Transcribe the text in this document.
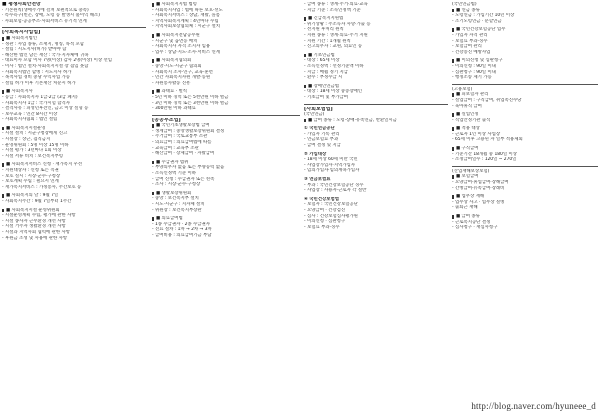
■ 평생사회안전망
· 기본원칙(생애주기에 걸쳐 보편적으로 충족)
· 특수욕구(빈곤, 장애, 노령 등 발생시 불이익 해소)
· 사회보험·공공부조·사회서비스 유기적 연계
[사회복지사업법]
■ 사회복지법인
- 정관 : 사업 종류, 소재지, 명칭, 목적 포함
- 설립 : 시도지사(허가) 받아야 함
- 해산한 법인 남은 재산 : 국가·지자체에 귀속
- 대표이사 포함 이사 7명(이상) 감사 2명(이상) 이상 선임
- 이사 : 법인 설치·사회복지시설 장 겸임 못함
- 사회복지법인 합병 : 시도지사 허가
- 목적사업 경비 충당 수익사업 가능
- 설립 허가 이후 기본재산 처분시 허가
■ 사회복지사
- 등급 : 사회복지사 1급·2급 (3급 폐지)
- 사회복지사 1급 : 국가시험 합격자
- 결격사유 : 피성년후견인, 금고 이상 실형 등
- 보수교육 : 연간 8시간 이상
- 사회복지사협회 : 법인 설립
■ 사회복지시설운영
- 시설 설치 : 시군구청장에게 신고
- 시설장 : 상근, 겸직금지
- 운영위원회 : 5명 이상 15명 이하
- 시설 평가 : 3년마다 1회 이상
- 시설 서류 비치 : 보건복지부령
■ 사회복지서비스 신청 · 재가복지 우선
- 지원대상자 : 신청 또는 직권
- 보호 실시 : 시장·군수·구청장
- 보호계획 수립 : 필요시 연계
- 재가복지서비스 : 가정봉사, 주간보호 등
■ 사회복지의 날 : 9월 7일
- 사회복지주간 : 9월 7일부터 1주간
■ 사회복지시설 운영위원회
- 시설운영계획 수립, 평가에 관한 사항
- 시설 종사자 근무환경 개선 사항
- 시설 거주자 생활환경 개선 사항
- 시설과 지역사회 협력에 관한 사항
- 후원금 조성 및 사용에 관한 사항
■ 사회복지지법 법령
- 사회복지사업 : 법에 따른 보호·선도
- 사회복지서비스 : 상담, 재활, 돌봄
- 지역사회복지계획 : 4년마다 수립
- 지역사회보장협의체 : 시군구 설치
■ 사회복지전담공무원
- 시군구 및 읍면동 배치
- 사회복지사 자격 소지자 임용
- 업무 : 상담·지도·조사·서비스 연계
■ 사회복지협의회
- 중앙·시도·시군구 협의회
- 사회복지 조사·연구, 교육·훈련
- 민간 사회복지자원 개발·동원
- 자원봉사활동 진흥
■ 과태료 · 벌칙
- 5년 이하 징역 또는 5천만원 이하 벌금
- 3년 이하 징역 또는 3천만원 이하 벌금
- 300만원 이하 과태료
[공공부조법]
■ 국민기초생활보장법 급여
- 생계급여 : 중앙생활보장위원회 결정
- 주거급여 : 국토교통부 소관
- 의료급여 : 의료급여법에 따름
- 교육급여 : 교육부 소관
- 해산급여 · 장제급여 · 자활급여
■ 수급권자 범위
- 부양의무자 없음 또는 부양능력 없음
- 소득인정액 기준 이하
- 급여 신청 : 수급권자 또는 친족
- 조사 : 시장·군수·구청장
■ 생활보장위원회
- 중앙 : 보건복지부 설치
- 시도·시군구 : 지자체 설치
- 위원장 : 보건복지부장관
■ 의료급여법
- 1종 수급권자 · 2종 수급권자
- 진료 절차 : 1차 → 2차 → 3차
- 급여비용 : 의료급여기금 부담
- 급여 종류 : 생계·주거·의료·교육
- 지급 기준 : 소득인정액 기준
■ 긴급복지지원법
- 위기상황 : 주소득자 사망·가출 등
- 선지원 후처리 원칙
- 지원 종류 : 생계·의료·주거 지원
- 지원 기간 : 1개월 원칙
- 신고의무자 : 교원, 의료인 등
■ 기초연금법
- 대상 : 65세 이상
- 소득인정액 : 선정기준액 이하
- 지급 : 매월 정기 지급
- 환수 : 부정수급 시
■ 장애인연금법
- 대상 : 18세 이상 중증장애인
- 기초급여 및 부가급여
[사회보험법]
(국민연금)
■ 급여 종류 : 노령·장애·유족연금, 반환일시금
① 국민연금공단
- 가입자 기록 관리
- 연금보험료 부과
- 급여 결정 및 지급
② 가입대상
- 18세 이상 60세 미만 국민
- 사업장가입자·지역가입자
- 임의가입자·임의계속가입자
③ 연금보험료
- 부과 : 국민건강보험공단 징수
- 사업장 : 사용자·근로자 각 절반
④ 국민건강보험법
- 보험자 : 국민건강보험공단
- 요양급여 · 건강검진
- 심사 : 건강보험심사평가원
- 이의신청 · 심판청구
- 보험료 부과·징수
(국민연금법)
■ 연금 종류
- 노령연금 : 가입기간 10년 이상
- 조기노령연금 · 분할연금
■ 국민건강보험공단 업무
- 가입자 자격 관리
- 보험료 부과·징수
- 보험급여 관리
- 건강증진 예방사업
■ 이의신청 및 심판청구
- 이의신청 : 90일 이내
- 심판청구 : 90일 이내
- 행정소송 제기 가능
(고용보험)
■ 피보험자 관리
- 실업급여 : 구직급여, 취업촉진수당
- 육아휴직 급여
■ 실업인정
- 직업안정기관 출석
■ 적용 대상
- 근로자 1인 이상 사업장
- 65세 이후 고용된 자 일부 적용제외
■ 구직급여
- 기준기간 18개월 중 180일 이상
- 소정급여일수 : 120일 ~ 270일
(산업재해보상보험)
■ 보험급여
- 요양급여·휴업급여·장해급여
- 간병급여·유족급여·장례비
■ 업무상 재해
- 업무상 사고 · 업무상 질병
- 출퇴근 재해
■ 급여 종류
- 근로복지공단 결정
- 심사청구 · 재심사청구
http://blog.naver.com/hyuneee_d
